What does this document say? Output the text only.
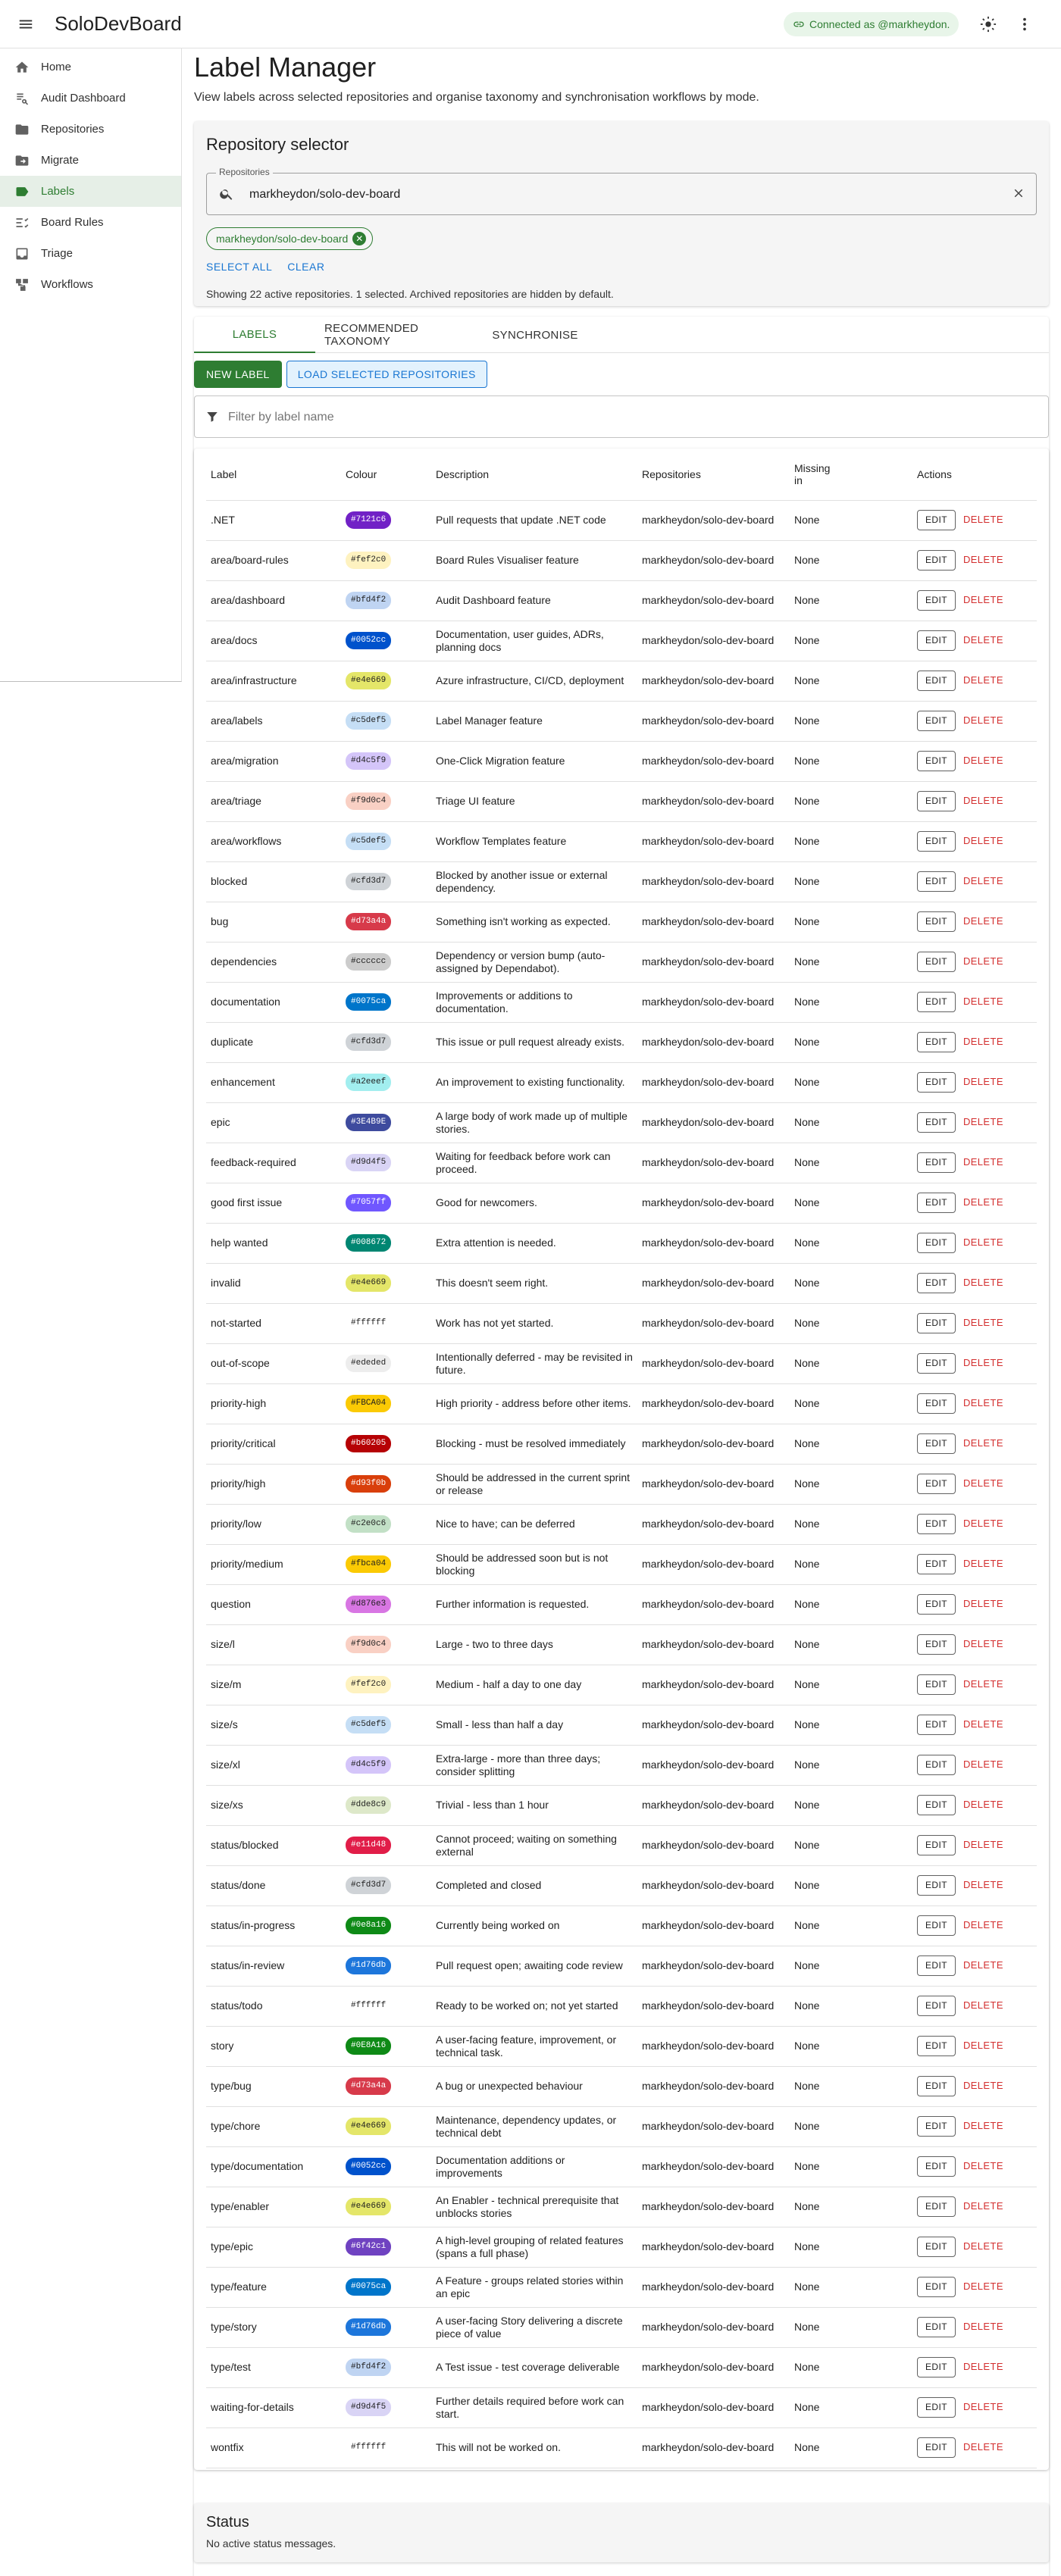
SoloDevBoard	Connected as @markheydon.
Home
Audit Dashboard
Repositories
Migrate
Labels
Board Rules
Triage
Workflows
Label Manager
View labels across selected repositories and organise taxonomy and synchronisation workflows by mode.
Repository selector
Repositories
markheydon/solo-dev-board
markheydon/solo-dev-board ✕
SELECT ALL CLEAR
Showing 22 active repositories. 1 selected. Archived repositories are hidden by default.
LABELS	RECOMMENDED TAXONOMY	SYNCHRONISE
NEW LABEL	LOAD SELECTED REPOSITORIES
Filter by label name
Label	Colour	Description	Repositories	Missing in	Actions
.NET	#7121c6	Pull requests that update .NET code	markheydon/solo-dev-board	None	EDIT DELETE
area/board-rules	#fef2c0	Board Rules Visualiser feature	markheydon/solo-dev-board	None	EDIT DELETE
area/dashboard	#bfd4f2	Audit Dashboard feature	markheydon/solo-dev-board	None	EDIT DELETE
area/docs	#0052cc	Documentation, user guides, ADRs, planning docs	markheydon/solo-dev-board	None	EDIT DELETE
area/infrastructure	#e4e669	Azure infrastructure, CI/CD, deployment	markheydon/solo-dev-board	None	EDIT DELETE
area/labels	#c5def5	Label Manager feature	markheydon/solo-dev-board	None	EDIT DELETE
area/migration	#d4c5f9	One-Click Migration feature	markheydon/solo-dev-board	None	EDIT DELETE
area/triage	#f9d0c4	Triage UI feature	markheydon/solo-dev-board	None	EDIT DELETE
area/workflows	#c5def5	Workflow Templates feature	markheydon/solo-dev-board	None	EDIT DELETE
blocked	#cfd3d7	Blocked by another issue or external dependency.	markheydon/solo-dev-board	None	EDIT DELETE
bug	#d73a4a	Something isn't working as expected.	markheydon/solo-dev-board	None	EDIT DELETE
dependencies	#cccccc	Dependency or version bump (auto-assigned by Dependabot).	markheydon/solo-dev-board	None	EDIT DELETE
documentation	#0075ca	Improvements or additions to documentation.	markheydon/solo-dev-board	None	EDIT DELETE
duplicate	#cfd3d7	This issue or pull request already exists.	markheydon/solo-dev-board	None	EDIT DELETE
enhancement	#a2eeef	An improvement to existing functionality.	markheydon/solo-dev-board	None	EDIT DELETE
epic	#3E4B9E	A large body of work made up of multiple stories.	markheydon/solo-dev-board	None	EDIT DELETE
feedback-required	#d9d4f5	Waiting for feedback before work can proceed.	markheydon/solo-dev-board	None	EDIT DELETE
good first issue	#7057ff	Good for newcomers.	markheydon/solo-dev-board	None	EDIT DELETE
help wanted	#008672	Extra attention is needed.	markheydon/solo-dev-board	None	EDIT DELETE
invalid	#e4e669	This doesn't seem right.	markheydon/solo-dev-board	None	EDIT DELETE
not-started	#ffffff	Work has not yet started.	markheydon/solo-dev-board	None	EDIT DELETE
out-of-scope	#ededed	Intentionally deferred - may be revisited in future.	markheydon/solo-dev-board	None	EDIT DELETE
priority-high	#FBCA04	High priority - address before other items.	markheydon/solo-dev-board	None	EDIT DELETE
priority/critical	#b60205	Blocking - must be resolved immediately	markheydon/solo-dev-board	None	EDIT DELETE
priority/high	#d93f0b	Should be addressed in the current sprint or release	markheydon/solo-dev-board	None	EDIT DELETE
priority/low	#c2e0c6	Nice to have; can be deferred	markheydon/solo-dev-board	None	EDIT DELETE
priority/medium	#fbca04	Should be addressed soon but is not blocking	markheydon/solo-dev-board	None	EDIT DELETE
question	#d876e3	Further information is requested.	markheydon/solo-dev-board	None	EDIT DELETE
size/l	#f9d0c4	Large - two to three days	markheydon/solo-dev-board	None	EDIT DELETE
size/m	#fef2c0	Medium - half a day to one day	markheydon/solo-dev-board	None	EDIT DELETE
size/s	#c5def5	Small - less than half a day	markheydon/solo-dev-board	None	EDIT DELETE
size/xl	#d4c5f9	Extra-large - more than three days; consider splitting	markheydon/solo-dev-board	None	EDIT DELETE
size/xs	#dde8c9	Trivial - less than 1 hour	markheydon/solo-dev-board	None	EDIT DELETE
status/blocked	#e11d48	Cannot proceed; waiting on something external	markheydon/solo-dev-board	None	EDIT DELETE
status/done	#cfd3d7	Completed and closed	markheydon/solo-dev-board	None	EDIT DELETE
status/in-progress	#0e8a16	Currently being worked on	markheydon/solo-dev-board	None	EDIT DELETE
status/in-review	#1d76db	Pull request open; awaiting code review	markheydon/solo-dev-board	None	EDIT DELETE
status/todo	#ffffff	Ready to be worked on; not yet started	markheydon/solo-dev-board	None	EDIT DELETE
story	#0E8A16	A user-facing feature, improvement, or technical task.	markheydon/solo-dev-board	None	EDIT DELETE
type/bug	#d73a4a	A bug or unexpected behaviour	markheydon/solo-dev-board	None	EDIT DELETE
type/chore	#e4e669	Maintenance, dependency updates, or technical debt	markheydon/solo-dev-board	None	EDIT DELETE
type/documentation	#0052cc	Documentation additions or improvements	markheydon/solo-dev-board	None	EDIT DELETE
type/enabler	#e4e669	An Enabler - technical prerequisite that unblocks stories	markheydon/solo-dev-board	None	EDIT DELETE
type/epic	#6f42c1	A high-level grouping of related features (spans a full phase)	markheydon/solo-dev-board	None	EDIT DELETE
type/feature	#0075ca	A Feature - groups related stories within an epic	markheydon/solo-dev-board	None	EDIT DELETE
type/story	#1d76db	A user-facing Story delivering a discrete piece of value	markheydon/solo-dev-board	None	EDIT DELETE
type/test	#bfd4f2	A Test issue - test coverage deliverable	markheydon/solo-dev-board	None	EDIT DELETE
waiting-for-details	#d9d4f5	Further details required before work can start.	markheydon/solo-dev-board	None	EDIT DELETE
wontfix	#ffffff	This will not be worked on.	markheydon/solo-dev-board	None	EDIT DELETE
Status
No active status messages.
